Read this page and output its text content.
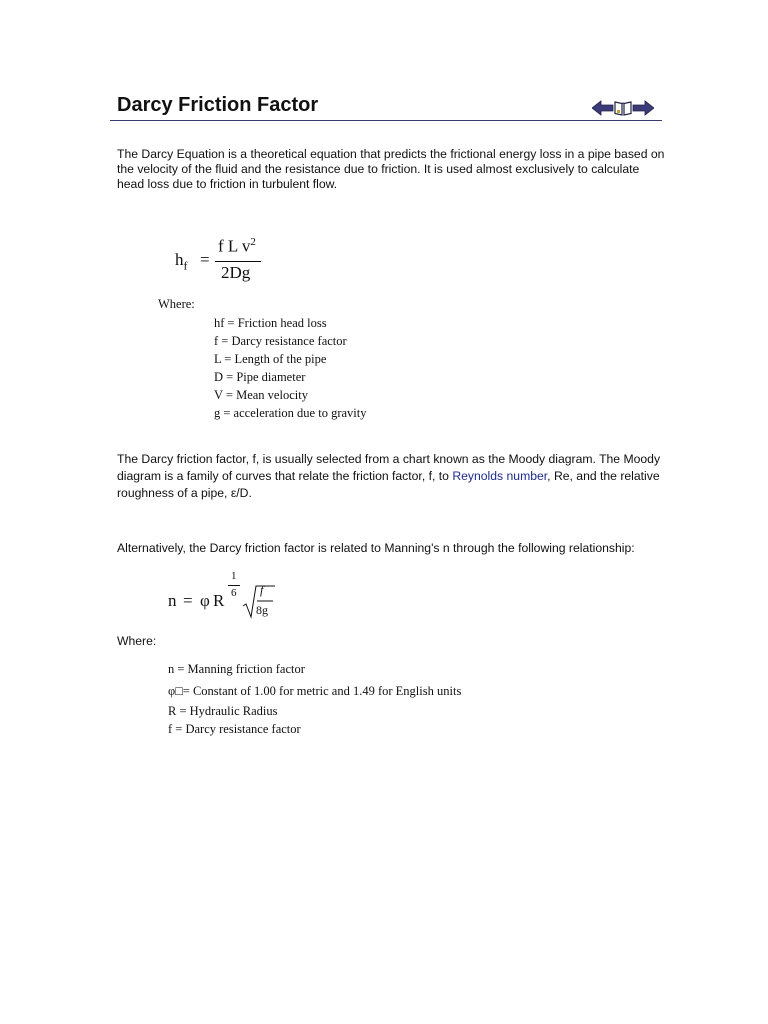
Darcy Friction Factor

The Darcy Equation is a theoretical equation that predicts the frictional energy loss in a pipe based on the velocity of the fluid and the resistance due to friction. It is used almost exclusively to calculate head loss due to friction in turbulent flow.

$h_f$ =
f L $v^2$
2Dg
Where:
hf = Friction head loss
f = Darcy resistance factor
L = Length of the pipe
D = Pipe diameter
V = Mean velocity
g = acceleration due to gravity

The Darcy friction factor, f, is usually selected from a chart known as the Moody diagram. The Moody diagram is a family of curves that relate the friction factor, f, to Reynolds number, Re, and the relative roughness of a pipe, ε/D.

Alternatively, the Darcy friction factor is related to Manning's n through the following relationship:

n = φ R
1
6 f
8g
Where:
n = Manning friction factor
φ□= Constant of 1.00 for metric and 1.49 for English units
R = Hydraulic Radius
f = Darcy resistance factor
